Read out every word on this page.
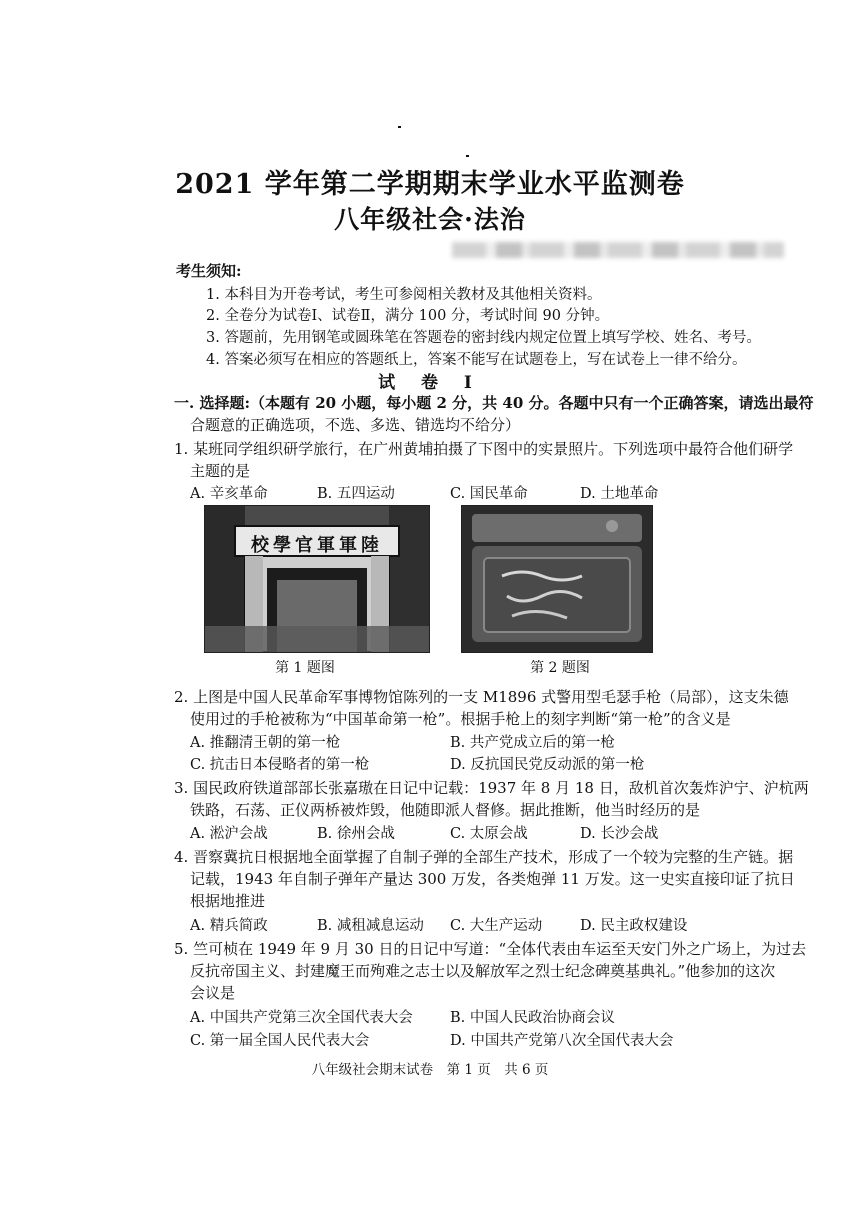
2021 学年第二学期期末学业水平监测卷
八年级社会·法治
考生须知:
1. 本科目为开卷考试，考生可参阅相关教材及其他相关资料。
2. 全卷分为试卷Ⅰ、试卷Ⅱ，满分 100 分，考试时间 90 分钟。
3. 答题前，先用钢笔或圆珠笔在答题卷的密封线内规定位置上填写学校、姓名、考号。
4. 答案必须写在相应的答题纸上，答案不能写在试题卷上，写在试卷上一律不给分。
试 卷 Ⅰ
一. 选择题:（本题有 20 小题，每小题 2 分，共 40 分。各题中只有一个正确答案，请选出最符
合题意的正确选项，不选、多选、错选均不给分）
1. 某班同学组织研学旅行，在广州黄埔拍摄了下图中的实景照片。下列选项中最符合他们研学
主题的是
A. 辛亥革命	B. 五四运动	C. 国民革命	D. 土地革命
陸軍軍官學校
第 1 题图	第 2 题图
2. 上图是中国人民革命军事博物馆陈列的一支 M1896 式警用型毛瑟手枪（局部），这支朱德
使用过的手枪被称为“中国革命第一枪”。根据手枪上的刻字判断“第一枪”的含义是
A. 推翻清王朝的第一枪	B. 共产党成立后的第一枪
C. 抗击日本侵略者的第一枪	D. 反抗国民党反动派的第一枪
3. 国民政府铁道部部长张嘉璈在日记中记载：1937 年 8 月 18 日，敌机首次轰炸沪宁、沪杭两
铁路，石荡、正仪两桥被炸毁，他随即派人督修。据此推断，他当时经历的是
A. 淞沪会战	B. 徐州会战	C. 太原会战	D. 长沙会战
4. 晋察冀抗日根据地全面掌握了自制子弹的全部生产技术，形成了一个较为完整的生产链。据
记载，1943 年自制子弹年产量达 300 万发，各类炮弹 11 万发。这一史实直接印证了抗日
根据地推进
A. 精兵简政	B. 减租减息运动 C. 大生产运动	D. 民主政权建设
5. 竺可桢在 1949 年 9 月 30 日的日记中写道：“全体代表由车运至天安门外之广场上，为过去
反抗帝国主义、封建魔王而殉难之志士以及解放军之烈士纪念碑奠基典礼。”他参加的这次
会议是
A. 中国共产党第三次全国代表大会	B. 中国人民政治协商会议
C. 第一届全国人民代表大会	D. 中国共产党第八次全国代表大会
八年级社会期末试卷　第 1 页　共 6 页
